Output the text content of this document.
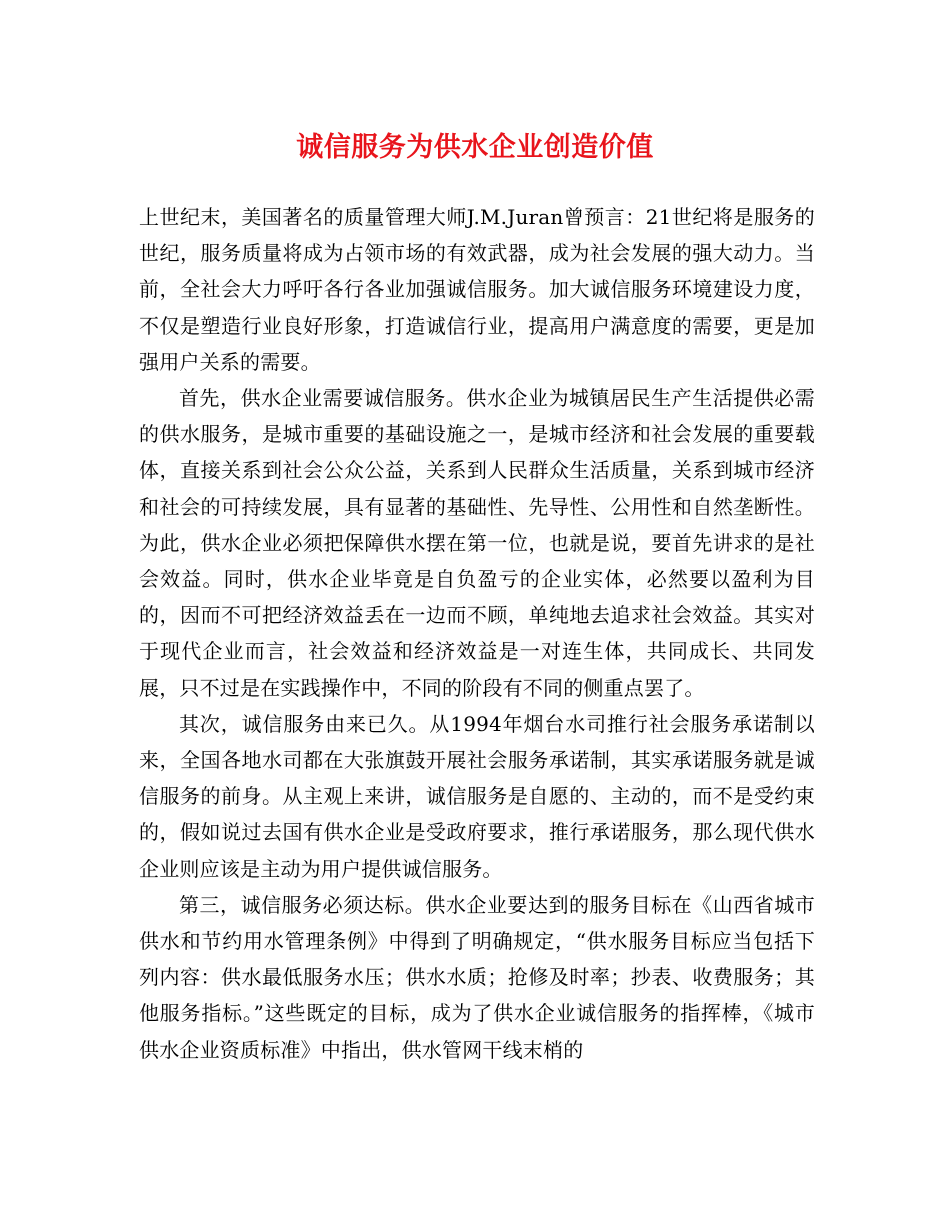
诚信服务为供水企业创造价值

上世纪末，美国著名的质量管理大师J.M.Juran曾预言：21世纪将是服务的世纪，服务质量将成为占领市场的有效武器，成为社会发展的强大动力。当前，全社会大力呼吁各行各业加强诚信服务。加大诚信服务环境建设力度，不仅是塑造行业良好形象，打造诚信行业，提高用户满意度的需要，更是加强用户关系的需要。

首先，供水企业需要诚信服务。供水企业为城镇居民生产生活提供必需的供水服务，是城市重要的基础设施之一，是城市经济和社会发展的重要载体，直接关系到社会公众公益，关系到人民群众生活质量，关系到城市经济和社会的可持续发展，具有显著的基础性、先导性、公用性和自然垄断性。为此，供水企业必须把保障供水摆在第一位，也就是说，要首先讲求的是社会效益。同时，供水企业毕竟是自负盈亏的企业实体，必然要以盈利为目的，因而不可把经济效益丢在一边而不顾，单纯地去追求社会效益。其实对于现代企业而言，社会效益和经济效益是一对连生体，共同成长、共同发展，只不过是在实践操作中，不同的阶段有不同的侧重点罢了。

其次，诚信服务由来已久。从1994年烟台水司推行社会服务承诺制以来，全国各地水司都在大张旗鼓开展社会服务承诺制，其实承诺服务就是诚信服务的前身。从主观上来讲，诚信服务是自愿的、主动的，而不是受约束的，假如说过去国有供水企业是受政府要求，推行承诺服务，那么现代供水企业则应该是主动为用户提供诚信服务。

第三，诚信服务必须达标。供水企业要达到的服务目标在《山西省城市供水和节约用水管理条例》中得到了明确规定，“供水服务目标应当包括下列内容：供水最低服务水压；供水水质；抢修及时率；抄表、收费服务；其他服务指标。”这些既定的目标，成为了供水企业诚信服务的指挥棒，《城市供水企业资质标准》中指出，供水管网干线末梢的
